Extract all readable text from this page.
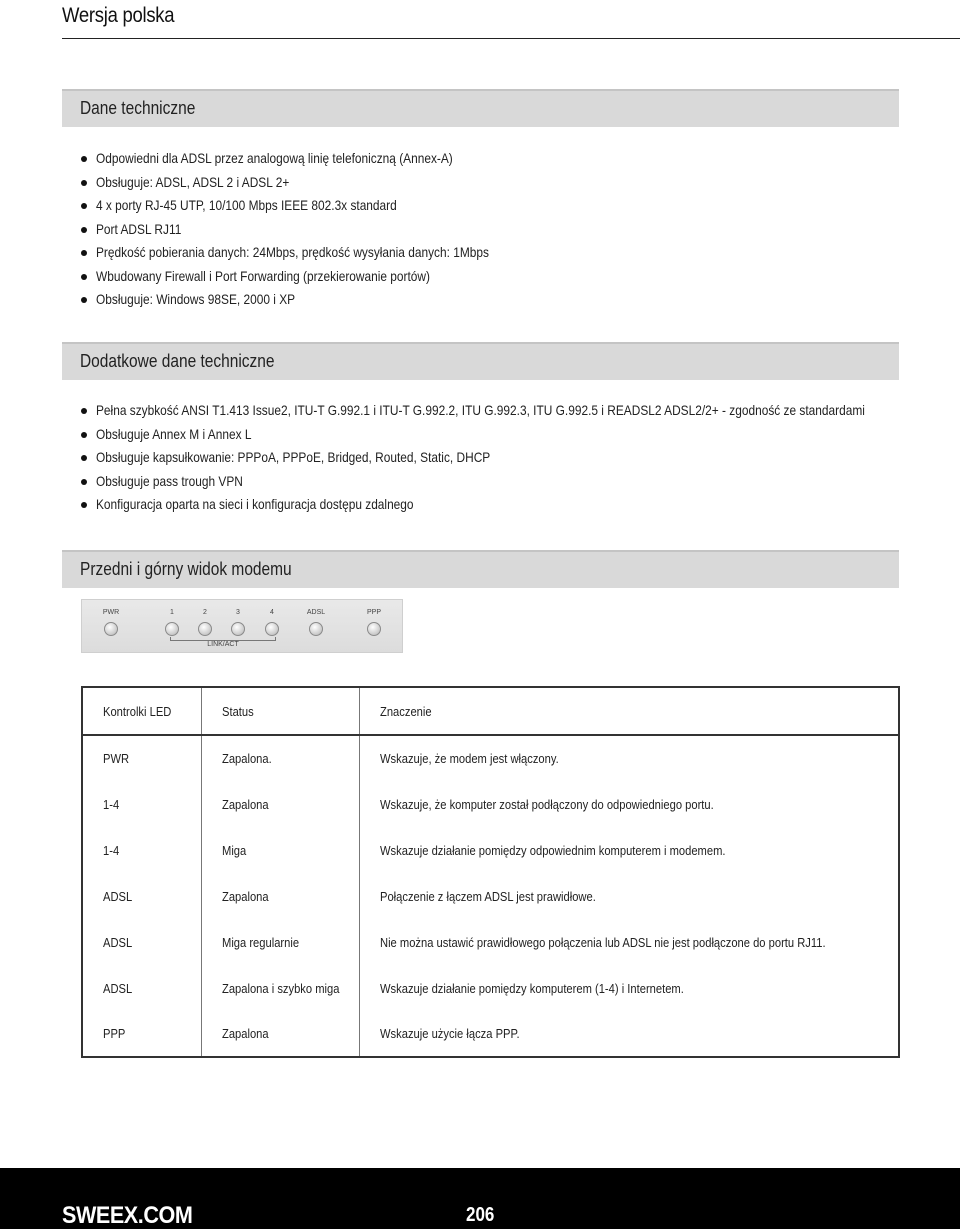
Wersja polska
Dane techniczne
Odpowiedni dla ADSL przez analogową linię telefoniczną (Annex-A)
Obsługuje: ADSL, ADSL 2 i ADSL 2+
4 x porty RJ-45 UTP, 10/100 Mbps IEEE 802.3x standard
Port ADSL RJ11
Prędkość pobierania danych: 24Mbps, prędkość wysyłania danych: 1Mbps
Wbudowany Firewall i Port Forwarding (przekierowanie portów)
Obsługuje: Windows 98SE, 2000 i XP
Dodatkowe dane techniczne
Pełna szybkość ANSI T1.413 Issue2, ITU-T G.992.1 i ITU-T G.992.2, ITU G.992.3, ITU G.992.5 i READSL2 ADSL2/2+ - zgodność ze standardami
Obsługuje Annex M i Annex L
Obsługuje kapsułkowanie: PPPoA, PPPoE, Bridged, Routed, Static, DHCP
Obsługuje pass trough VPN
Konfiguracja oparta na sieci i konfiguracja dostępu zdalnego
Przedni i górny widok modemu
PWR	1	2	3	4	ADSL	PPP
LINK/ACT
Kontrolki LED	Status	Znaczenie
PWR	Zapalona.	Wskazuje, że modem jest włączony.
1-4	Zapalona	Wskazuje, że komputer został podłączony do odpowiedniego portu.
1-4	Miga	Wskazuje działanie pomiędzy odpowiednim komputerem i modemem.
ADSL	Zapalona	Połączenie z łączem ADSL jest prawidłowe.
ADSL	Miga regularnie	Nie można ustawić prawidłowego połączenia lub ADSL nie jest podłączone do portu RJ11.
ADSL	Zapalona i szybko miga	Wskazuje działanie pomiędzy komputerem (1-4) i Internetem.
PPP	Zapalona	Wskazuje użycie łącza PPP.
SWEEX.COM	206
